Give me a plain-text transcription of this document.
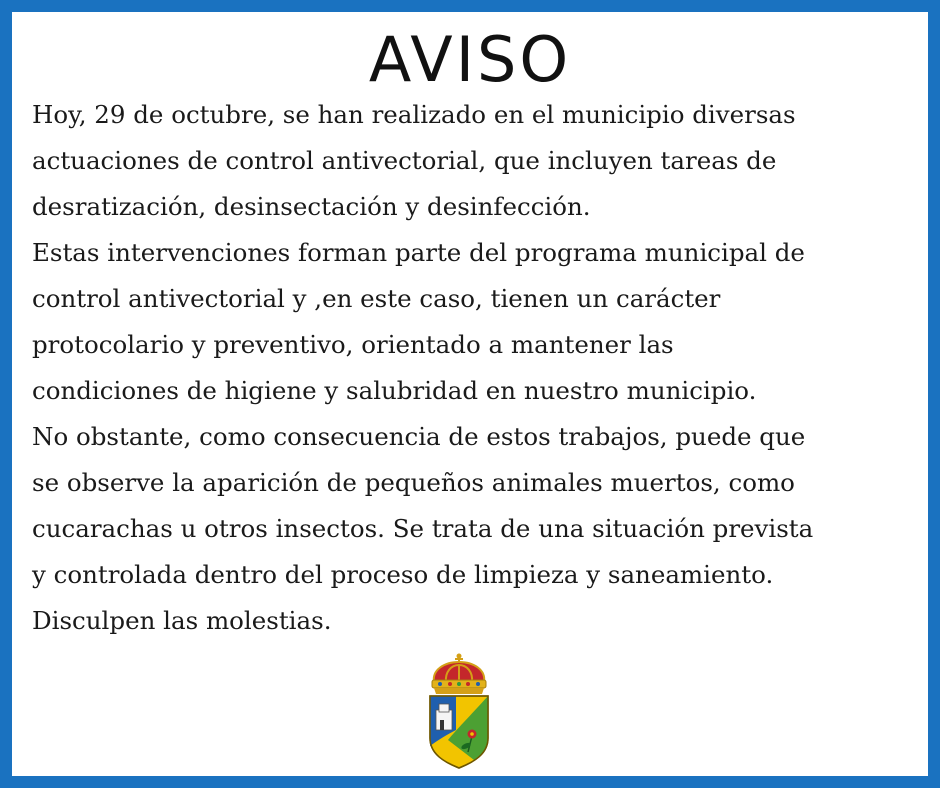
AVISO

Hoy, 29 de octubre, se han realizado en el municipio diversas
actuaciones de control antivectorial, que incluyen tareas de
desratización, desinsectación y desinfección.

Estas intervenciones forman parte del programa municipal de
control antivectorial y ,en este caso, tienen un carácter
protocolario y preventivo, orientado a mantener las
condiciones de higiene y salubridad en nuestro municipio.

No obstante, como consecuencia de estos trabajos, puede que
se observe la aparición de pequeños animales muertos, como
cucarachas u otros insectos. Se trata de una situación prevista
y controlada dentro del proceso de limpieza y saneamiento.

Disculpen las molestias.
